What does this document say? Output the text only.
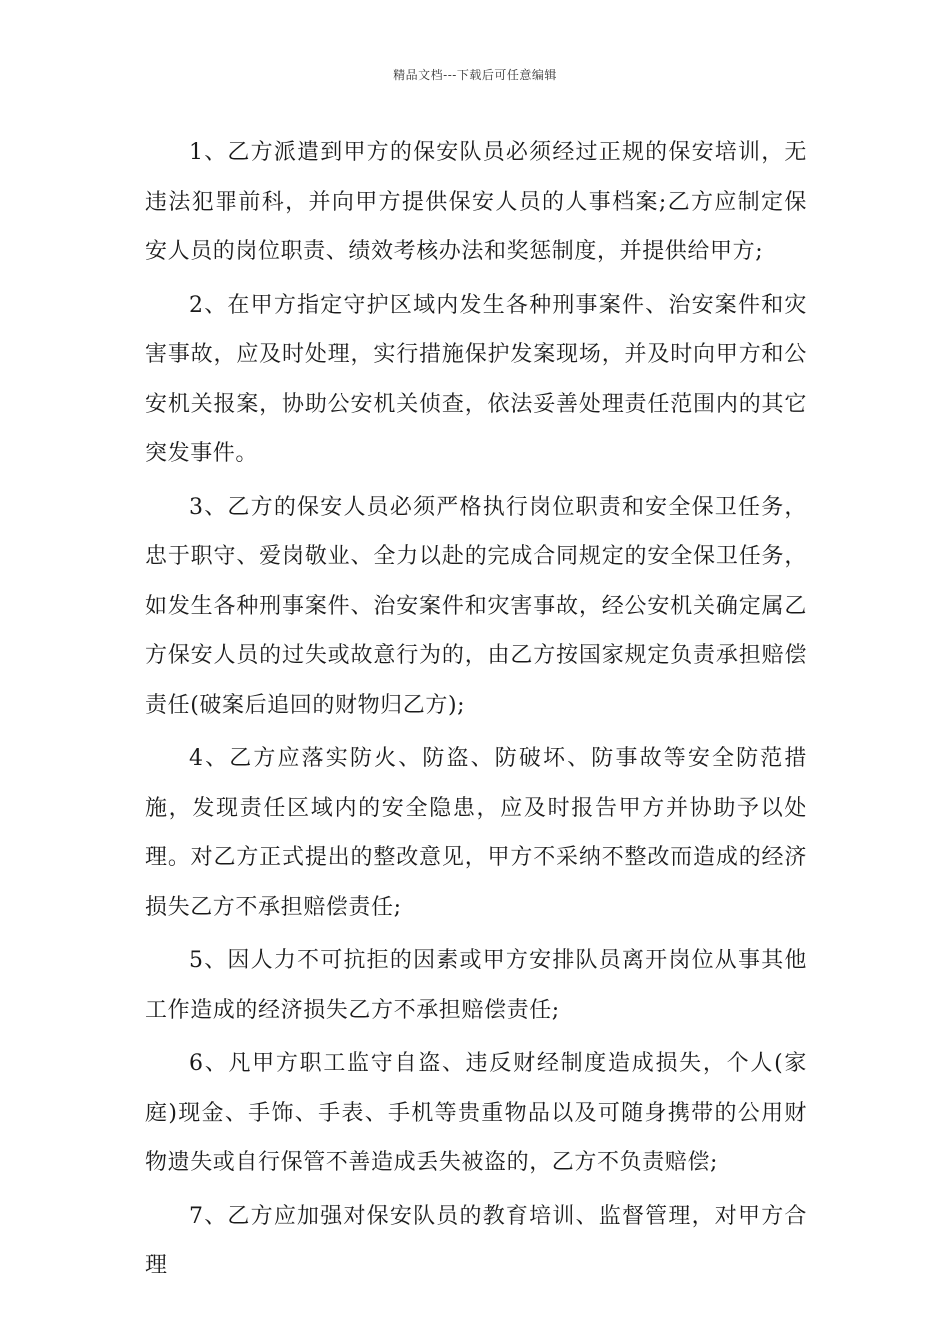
精品文档---下载后可任意编辑

1、乙方派遣到甲方的保安队员必须经过正规的保安培训，无违法犯罪前科，并向甲方提供保安人员的人事档案;乙方应制定保安人员的岗位职责、绩效考核办法和奖惩制度，并提供给甲方;

2、在甲方指定守护区域内发生各种刑事案件、治安案件和灾害事故，应及时处理，实行措施保护发案现场，并及时向甲方和公安机关报案，协助公安机关侦查，依法妥善处理责任范围内的其它突发事件。

3、乙方的保安人员必须严格执行岗位职责和安全保卫任务，忠于职守、爱岗敬业、全力以赴的完成合同规定的安全保卫任务，如发生各种刑事案件、治安案件和灾害事故，经公安机关确定属乙方保安人员的过失或故意行为的，由乙方按国家规定负责承担赔偿责任(破案后追回的财物归乙方);

4、乙方应落实防火、防盗、防破坏、防事故等安全防范措施，发现责任区域内的安全隐患，应及时报告甲方并协助予以处理。对乙方正式提出的整改意见，甲方不采纳不整改而造成的经济损失乙方不承担赔偿责任;

5、因人力不可抗拒的因素或甲方安排队员离开岗位从事其他工作造成的经济损失乙方不承担赔偿责任;

6、凡甲方职工监守自盗、违反财经制度造成损失，个人(家庭)现金、手饰、手表、手机等贵重物品以及可随身携带的公用财物遗失或自行保管不善造成丢失被盗的，乙方不负责赔偿;

7、乙方应加强对保安队员的教育培训、监督管理，对甲方合理
